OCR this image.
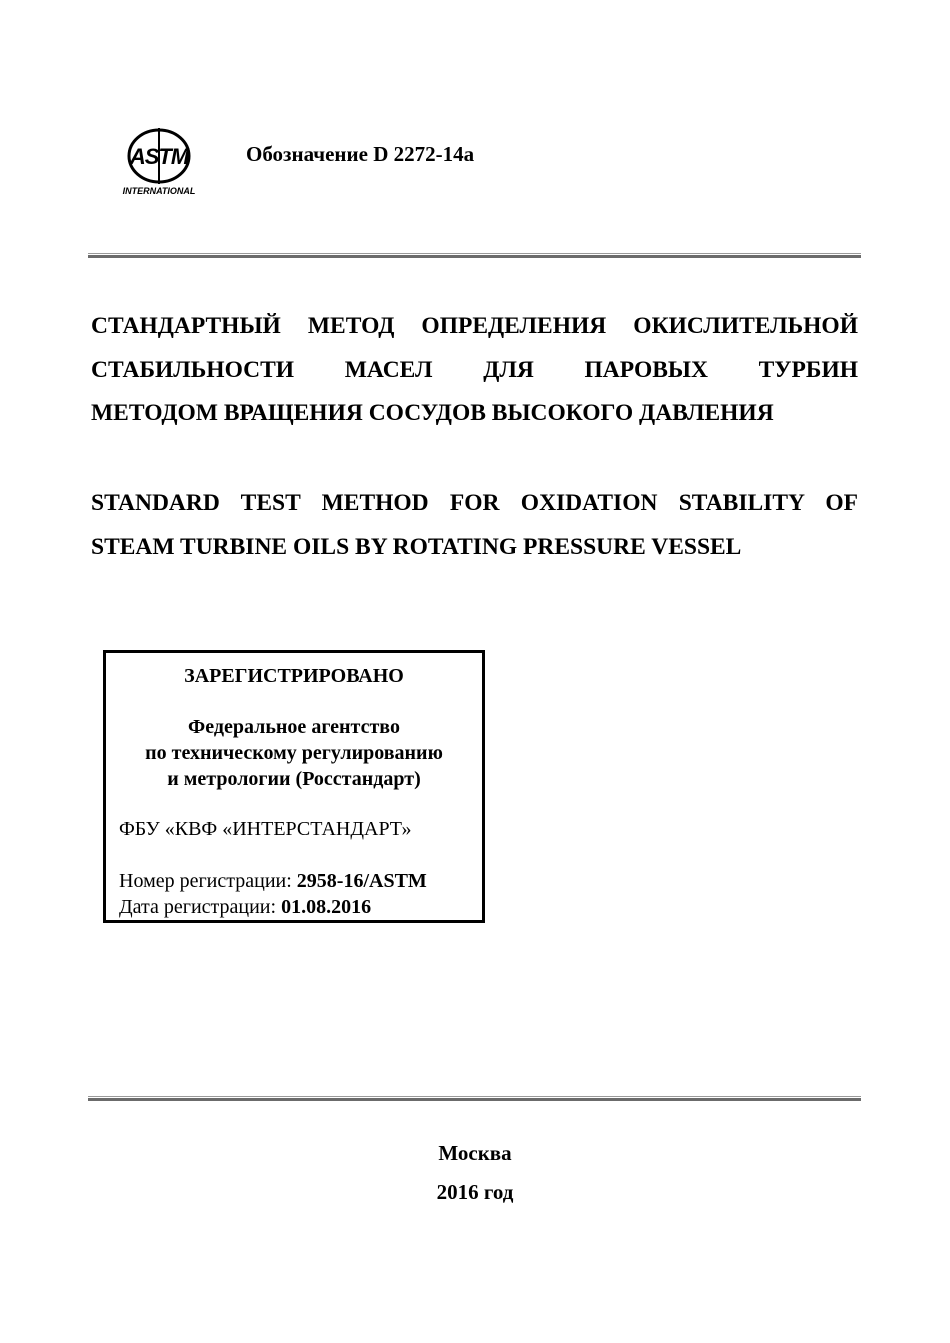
ASTM
INTERNATIONAL
Обозначение D 2272-14a
СТАНДАРТНЫЙ МЕТОД ОПРЕДЕЛЕНИЯ ОКИСЛИТЕЛЬНОЙ
СТАБИЛЬНОСТИ МАСЕЛ ДЛЯ ПАРОВЫХ ТУРБИН
МЕТОДОМ ВРАЩЕНИЯ СОСУДОВ ВЫСОКОГО ДАВЛЕНИЯ
STANDARD TEST METHOD FOR OXIDATION STABILITY OF
STEAM TURBINE OILS BY ROTATING PRESSURE VESSEL
ЗАРЕГИСТРИРОВАНО
Федеральное агентство
по техническому регулированию
и метрологии (Росстандарт)
ФБУ «КВФ «ИНТЕРСТАНДАРТ»
Номер регистрации: 2958-16/ASTM
Дата регистрации: 01.08.2016
Москва
2016 год
